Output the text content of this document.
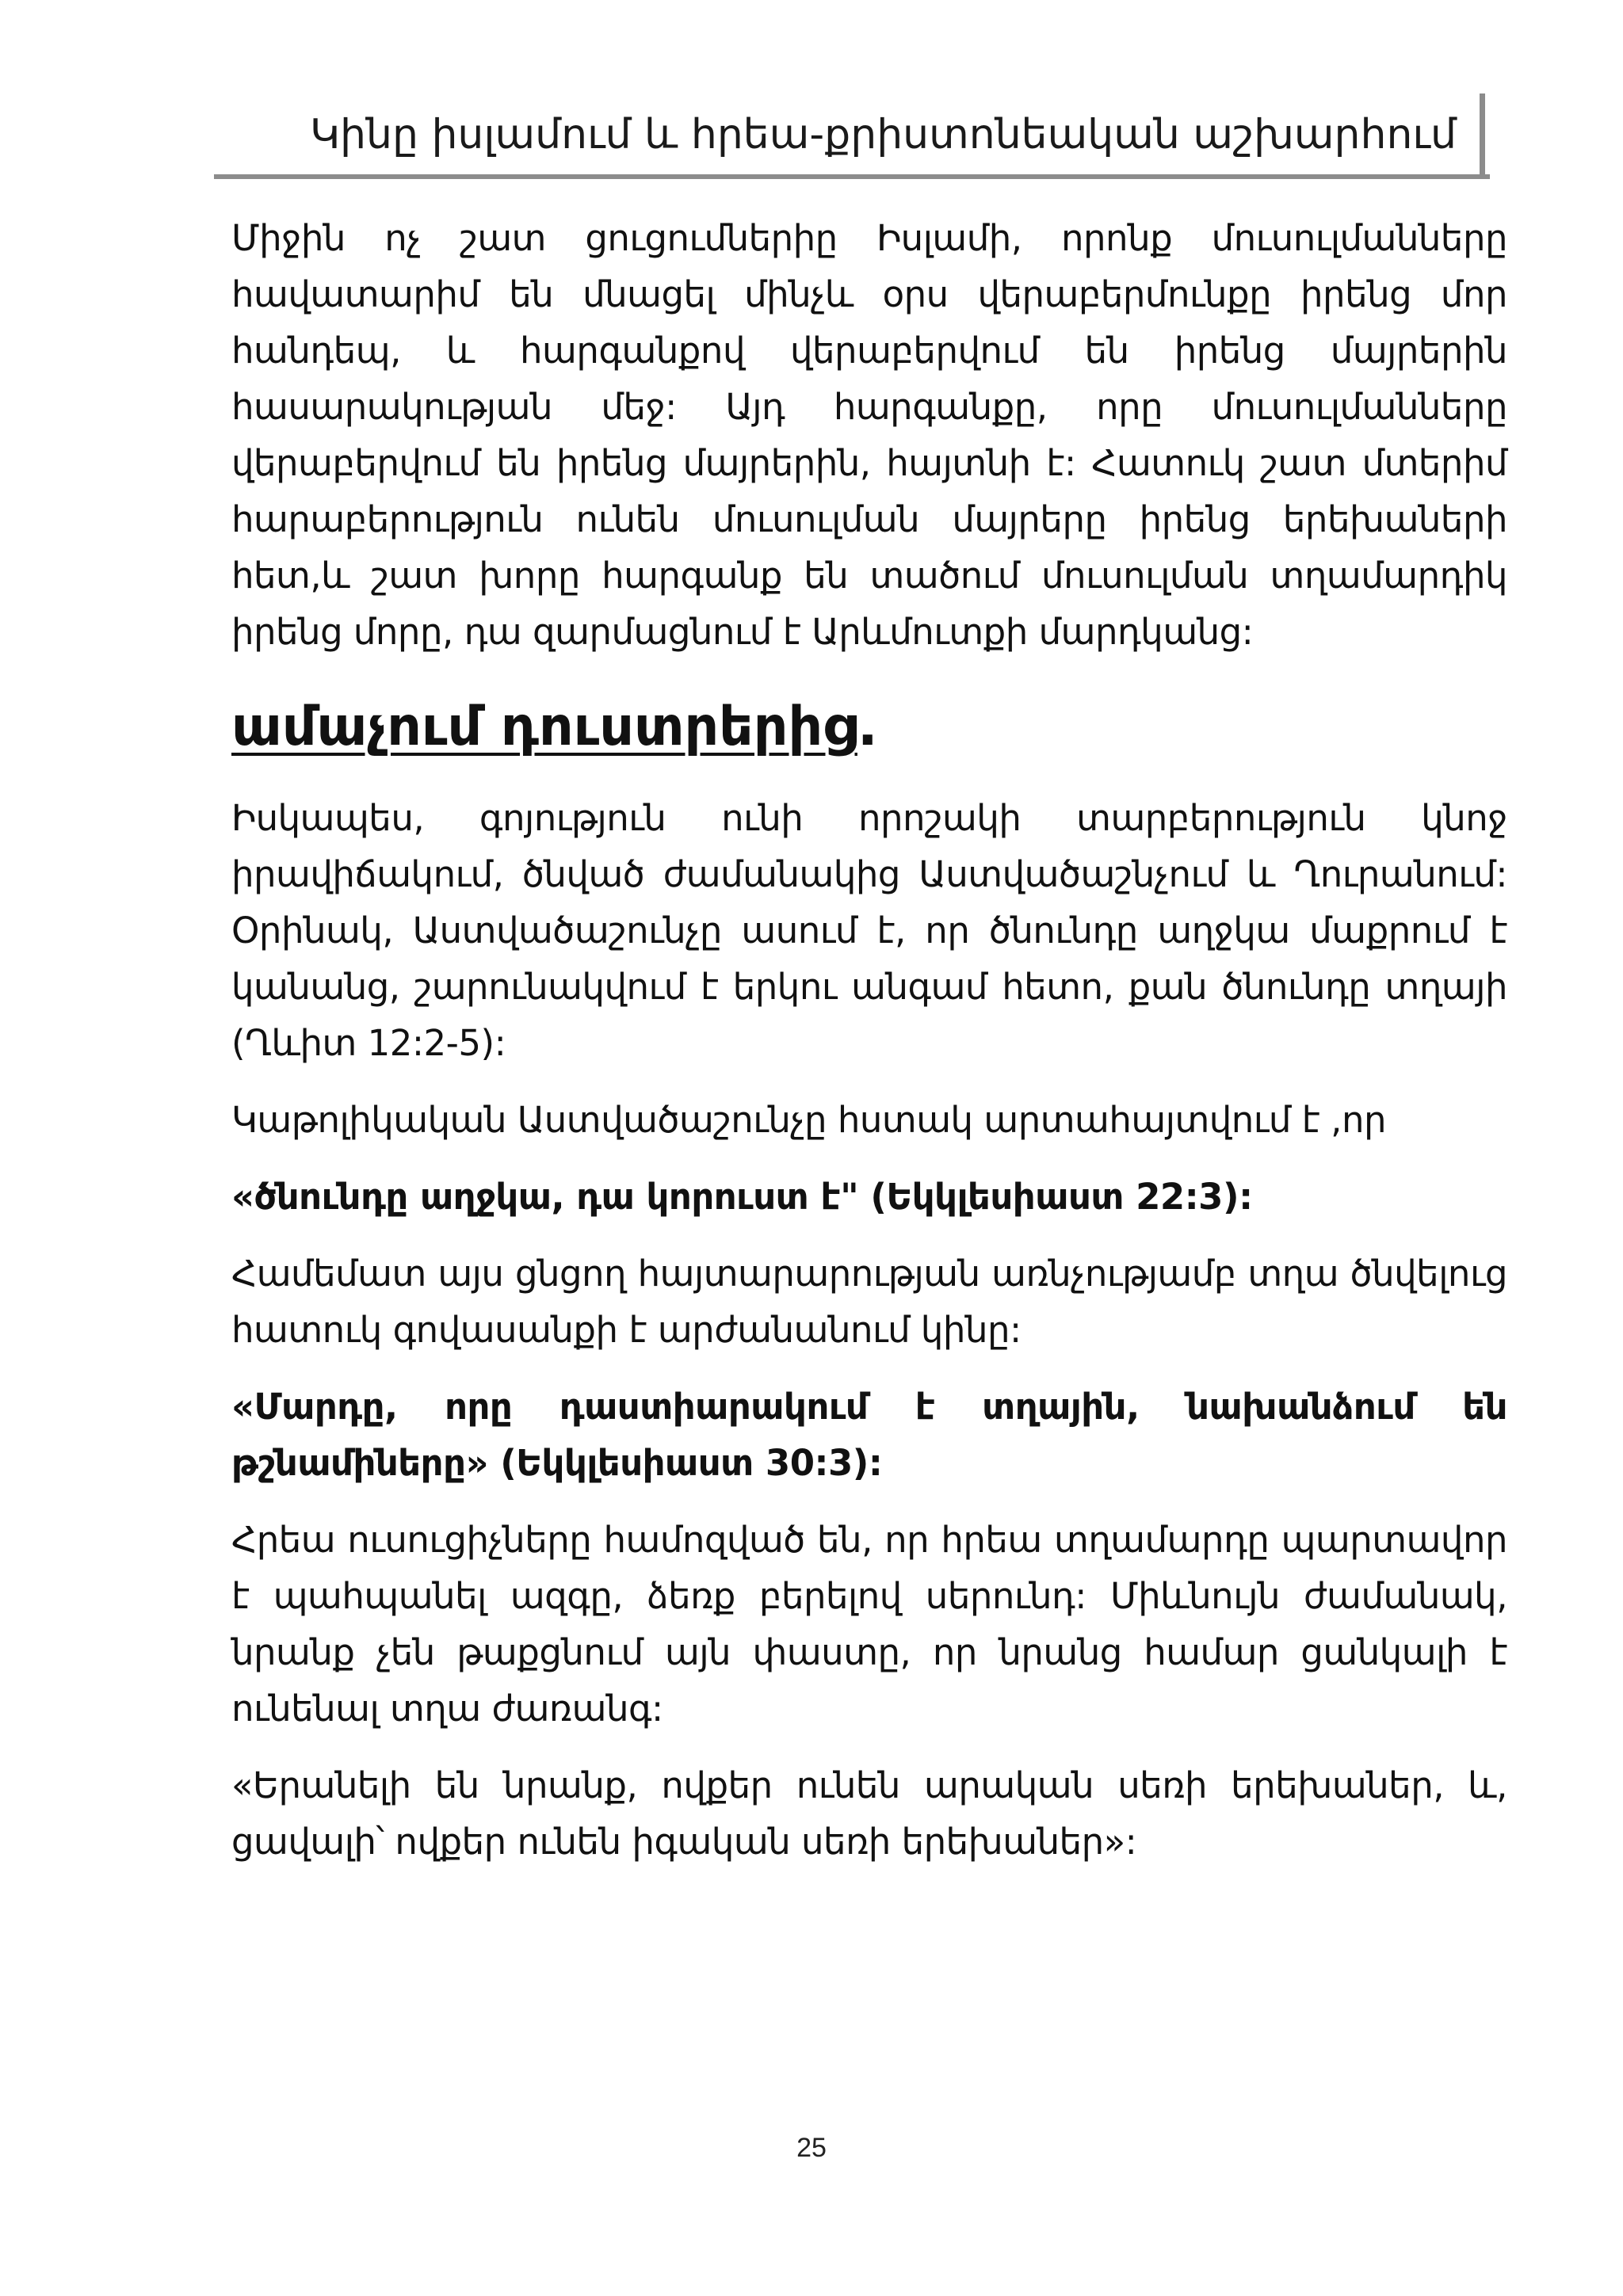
Կինը իսլամում և հրեա-քրիստոնեական աշխարհում

Միջին ոչ շատ ցուցումներիը Իսլամի, որոնք մուսուլմանները հավատարիմ են մնացել մինչև օրս վերաբերմունքը իրենց մոր հանդեպ, և հարգանքով վերաբերվում են իրենց մայրերին հասարակության մեջ: Այդ հարգանքը, որը մուսուլմանները վերաբերվում են իրենց մայրերին, հայտնի է: Հատուկ շատ մտերիմ հարաբերություն ունեն մուսուլման մայրերը իրենց երեխաների հետ,և շատ խորը հարգանք են տածում մուսուլման տղամարդիկ իրենց մորը, դա զարմացնում է Արևմուտքի մարդկանց:

ամաչում դուստրերից.

Իսկապես, գոյություն ունի որոշակի տարբերություն կնոջ իրավիճակում, ծնված ժամանակից Աստվածաշնչում և Ղուրանում: Օրինակ, Աստվածաշունչը ասում է, որ ծնունդը աղջկա մաքրում է կանանց, շարունակվում է երկու անգամ հետո, քան ծնունդը տղայի (Ղևիտ 12:2-5):

Կաթոլիկական Աստվածաշունչը հստակ արտահայտվում է ,որ

«ծնունդը աղջկա, դա կորուստ է" (Եկկլեսիաստ 22:3):

Համեմատ այս ցնցող հայտարարության առնչությամբ տղա ծնվելուց հատուկ գովասանքի է արժանանում կինը:

«Մարդը, որը դաստիարակում է տղային, նախանձում են թշնամիները» (Եկկլեսիաստ 30:3):

Հրեա ուսուցիչները համոզված են, որ հրեա տղամարդը պարտավոր է պահպանել ազգը, ձեռք բերելով սերունդ: Միևնույն ժամանակ, նրանք չեն թաքցնում այն փաստը, որ նրանց համար ցանկալի է ունենալ տղա ժառանգ:

«Երանելի են նրանք, ովքեր ունեն արական սեռի երեխաներ, և, ցավալի՝ ովքեր ունեն իգական սեռի երեխաներ»:

25
